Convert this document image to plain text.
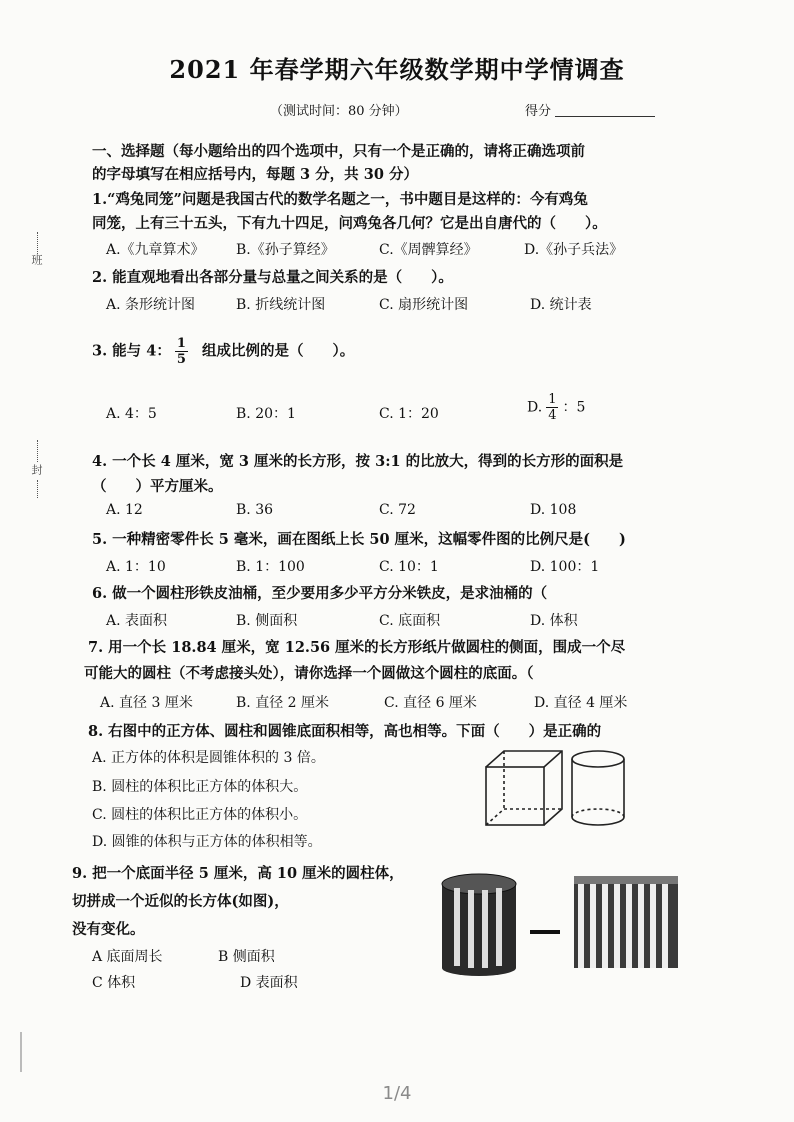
2021 年春学期六年级数学期中学情调查
（测试时间：80 分钟）	得分
班
封
一、选择题（每小题给出的四个选项中，只有一个是正确的，请将正确选项前
的字母填写在相应括号内，每题 3 分，共 30 分）
1.“鸡兔同笼”问题是我国古代的数学名题之一，书中题目是这样的：今有鸡兔
同笼，上有三十五头，下有九十四足，问鸡兔各几何？它是出自唐代的（　　）。
A.《九章算术》 B.《孙子算经》	C.《周髀算经》	D.《孙子兵法》
2. 能直观地看出各部分量与总量之间关系的是（　　）。
A. 条形统计图	B. 折线统计图	C. 扇形统计图	D. 统计表
3. 能与 4： $\frac{1}{5}$ 组成比例的是（　　）。
A. 4：5	B. 20：1	C. 1：20	D. $\frac{1}{4}$ ：5
4. 一个长 4 厘米，宽 3 厘米的长方形，按 3:1 的比放大，得到的长方形的面积是
（　　）平方厘米。
A. 12	B. 36	C. 72	D. 108
5. 一种精密零件长 5 毫米，画在图纸上长 50 厘米，这幅零件图的比例尺是(　　)
A. 1：10	B. 1：100	C. 10：1	D. 100：1
6. 做一个圆柱形铁皮油桶，至少要用多少平方分米铁皮，是求油桶的（
A. 表面积	B. 侧面积	C. 底面积	D. 体积
7. 用一个长 18.84 厘米，宽 12.56 厘米的长方形纸片做圆柱的侧面，围成一个尽
可能大的圆柱（不考虑接头处），请你选择一个圆做这个圆柱的底面。（
A. 直径 3 厘米	B. 直径 2 厘米	C. 直径 6 厘米	D. 直径 4 厘米
8. 右图中的正方体、圆柱和圆锥底面积相等，高也相等。下面（　　）是正确的
A. 正方体的体积是圆锥体积的 3 倍。
B. 圆柱的体积比正方体的体积大。
C. 圆柱的体积比正方体的体积小。
D. 圆锥的体积与正方体的体积相等。
9. 把一个底面半径 5 厘米，高 10 厘米的圆柱体，
切拼成一个近似的长方体(如图)，
没有变化。
A 底面周长	B 侧面积
C 体积	D 表面积
1/4
